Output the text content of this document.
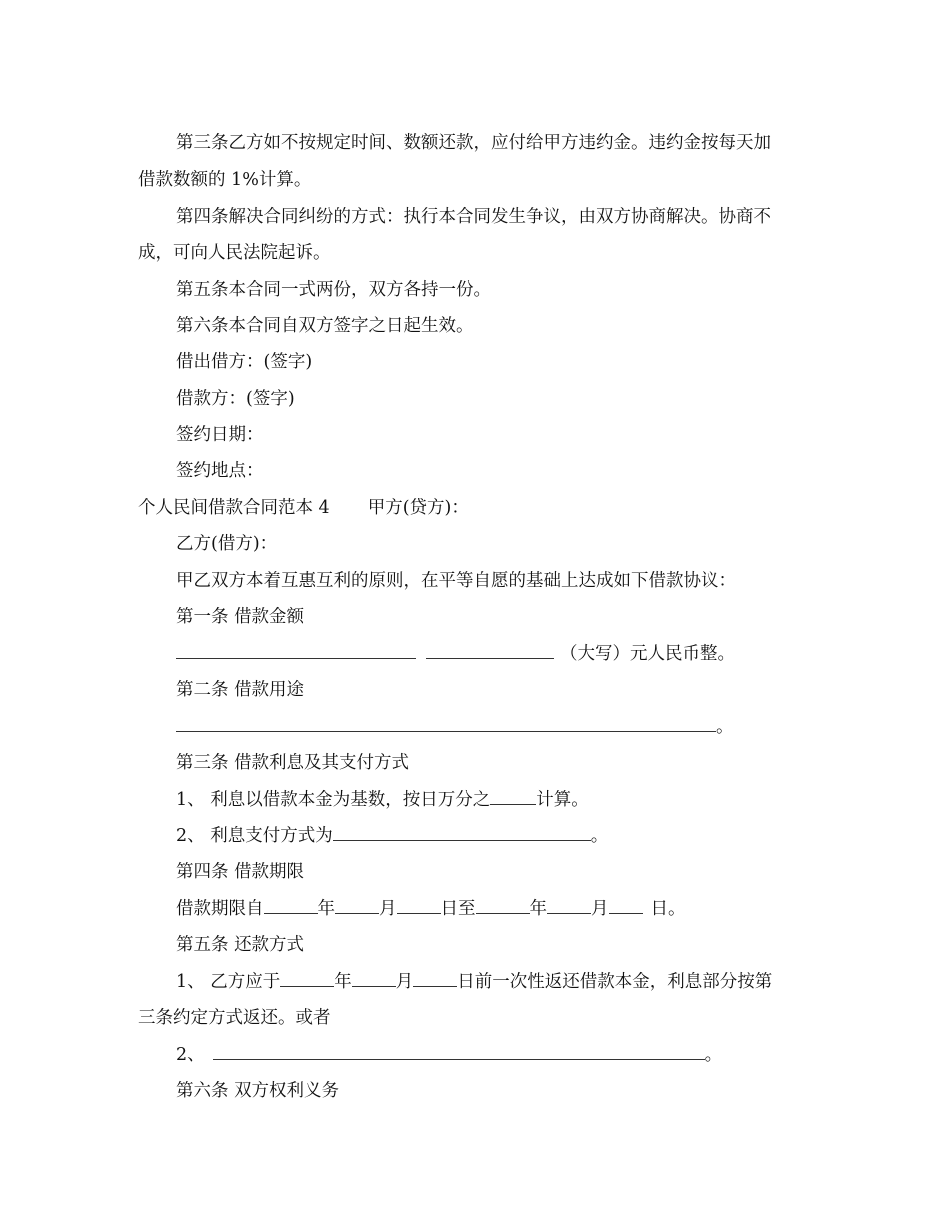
第三条乙方如不按规定时间、数额还款，应付给甲方违约金。违约金按每天加
借款数额的 1%计算。
第四条解决合同纠纷的方式：执行本合同发生争议，由双方协商解决。协商不
成，可向人民法院起诉。
第五条本合同一式两份，双方各持一份。
第六条本合同自双方签字之日起生效。
借出借方：(签字)
借款方：(签字)
签约日期：
签约地点：
个人民间借款合同范本 4 甲方(贷方)：
乙方(借方)：
甲乙双方本着互惠互利的原则，在平等自愿的基础上达成如下借款协议：
第一条 借款金额
（大写）元人民币整。
第二条 借款用途
。
第三条 借款利息及其支付方式
1、 利息以借款本金为基数，按日万分之	计算。
2、 利息支付方式为	。
第四条 借款期限
借款期限自	年	月	日至	年	月 日。
第五条 还款方式
1、 乙方应于	年	月	日前一次性返还借款本金，利息部分按第
三条约定方式返还。或者
2、	。
第六条 双方权利义务
